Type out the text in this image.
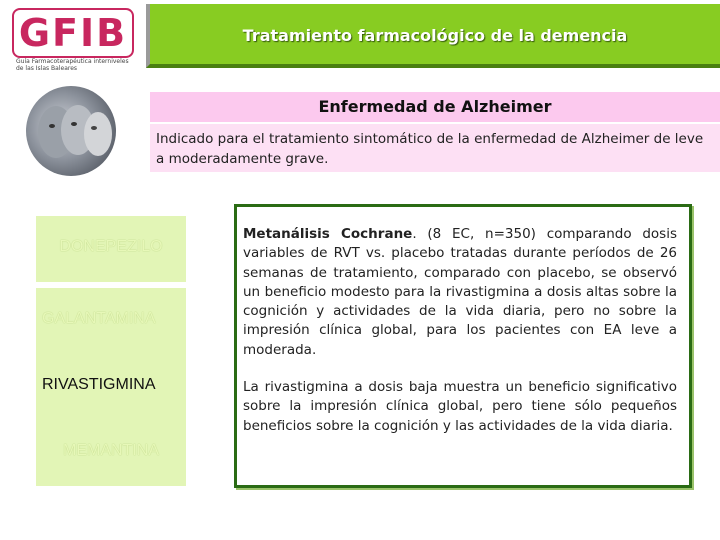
GFIB
Guía Farmacoterapéutica interniveles de las Islas Baleares
Tratamiento farmacológico de la demencia
Enfermedad de Alzheimer
Indicado para el tratamiento sintomático de la enfermedad de Alzheimer de leve a moderadamente grave.
DONEPEZILO
GALANTAMINA
RIVASTIGMINA
MEMANTINA

Metanálisis Cochrane. (8 EC, n=350) comparando dosis variables de RVT vs. placebo tratadas durante períodos de 26 semanas de tratamiento, comparado con placebo, se observó un beneficio modesto para la rivastigmina a dosis altas sobre la cognición y actividades de la vida diaria, pero no sobre la impresión clínica global, para los pacientes con EA leve a moderada.

La rivastigmina a dosis baja muestra un beneficio significativo sobre la impresión clínica global, pero tiene sólo pequeños beneficios sobre la cognición y las actividades de la vida diaria.
